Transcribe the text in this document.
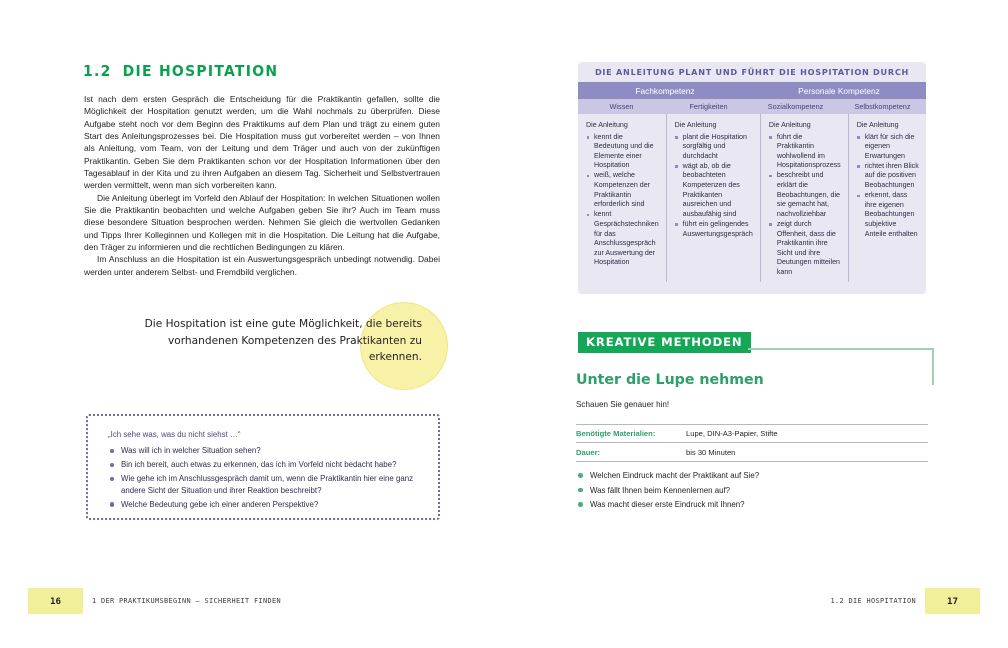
1.2 DIE HOSPITATION

Ist nach dem ersten Gespräch die Entscheidung für die Praktikantin gefallen, sollte die Möglichkeit der Hospitation genutzt werden, um die Wahl nochmals zu überprüfen. Diese Aufgabe steht noch vor dem Beginn des Praktikums auf dem Plan und trägt zu einem guten Start des Anleitungsprozesses bei. Die Hospitation muss gut vorbereitet werden – von Ihnen als Anleitung, vom Team, von der Leitung und dem Träger und auch von der zukünftigen Praktikantin. Geben Sie dem Praktikanten schon vor der Hospitation Informationen über den Tagesablauf in der Kita und zu ihren Aufgaben an diesem Tag. Sicherheit und Selbstvertrauen werden vermittelt, wenn man sich vorbereiten kann.

Die Anleitung überlegt im Vorfeld den Ablauf der Hospitation: In welchen Situationen wollen Sie die Praktikantin beobachten und welche Aufgaben geben Sie ihr? Auch im Team muss diese besondere Situation besprochen werden. Nehmen Sie gleich die wertvollen Gedanken und Tipps Ihrer Kolleginnen und Kollegen mit in die Hospitation. Die Leitung hat die Aufgabe, den Träger zu informieren und die rechtlichen Bedingungen zu klären.

Im Anschluss an die Hospitation ist ein Auswertungsgespräch unbedingt notwendig. Dabei werden unter anderem Selbst- und Fremdbild verglichen.

Die Hospitation ist eine gute Möglichkeit, die bereits vorhandenen Kompetenzen des Praktikanten zu erkennen.
„Ich sehe was, was du nicht siehst …“
Was will ich in welcher Situation sehen?
Bin ich bereit, auch etwas zu erkennen, das ich im Vorfeld nicht bedacht habe?
Wie gehe ich im Anschlussgespräch damit um, wenn die Praktikantin hier eine ganz andere Sicht der Situation und ihrer Reaktion beschreibt?
Welche Bedeutung gebe ich einer anderen Perspektive?
16	1 DER PRAKTIKUMSBEGINN – SICHERHEIT FINDEN
DIE ANLEITUNG PLANT UND FÜHRT DIE HOSPITATION DURCH
Fachkompetenz	Personale Kompetenz
Wissen	Fertigkeiten	Sozialkompetenz	Selbstkompetenz
Die Anleitung
kennt die Bedeutung und die Elemente einer Hospitation
weiß, welche Kompetenzen der Praktikantin erforderlich sind
kennt Gesprächstechniken für das Anschlussgespräch zur Auswertung der Hospitation
Die Anleitung
plant die Hospitation sorgfältig und durchdacht
wägt ab, ob die beobachteten Kompetenzen des Praktikanten ausreichen und ausbaufähig sind
führt ein gelingendes Auswertungsgespräch
Die Anleitung
führt die Praktikantin wohlwollend im Hospitationsprozess
beschreibt und erklärt die Beobachtungen, die sie gemacht hat, nachvollziehbar
zeigt durch Offenheit, dass die Praktikantin ihre Sicht und ihre Deutungen mitteilen kann
Die Anleitung
klärt für sich die eigenen Erwartungen
richtet ihren Blick auf die positiven Beobachtungen
erkennt, dass ihre eigenen Beobachtungen subjektive Anteile enthalten
KREATIVE METHODEN
Unter die Lupe nehmen
Schauen Sie genauer hin!
Benötigte Materialien:	Lupe, DIN-A3-Papier, Stifte
Dauer:	bis 30 Minuten
Welchen Eindruck macht der Praktikant auf Sie?
Was fällt Ihnen beim Kennenlernen auf?
Was macht dieser erste Eindruck mit Ihnen?
17
1.2 DIE HOSPITATION
